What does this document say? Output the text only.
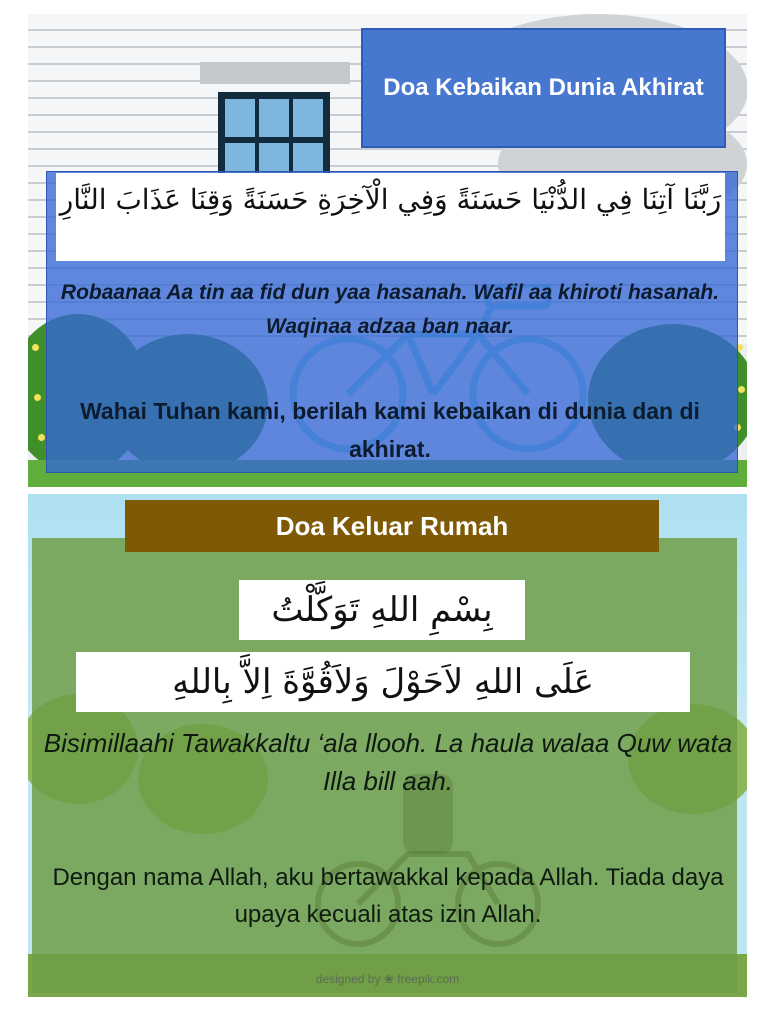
Doa Kebaikan Dunia Akhirat
رَبَّنَا آتِنَا فِي الدُّنْيَا حَسَنَةً وَفِي الْآخِرَةِ حَسَنَةً وَقِنَا عَذَابَ النَّارِ
Robaanaa Aa tin aa fid dun yaa hasanah. Wafil aa khiroti hasanah. Waqinaa adzaa ban naar.
Wahai Tuhan kami, berilah kami kebaikan di dunia dan di akhirat.
Doa Keluar Rumah
بِسْمِ اللهِ تَوَكَّلْتُ
عَلَى اللهِ لاَحَوْلَ وَلاَقُوَّةَ اِلاَّ بِاللهِ
Bisimillaahi Tawakkaltu ‘ala llooh. La haula walaa Quw wata Illa bill aah.
Dengan nama Allah, aku bertawakkal kepada Allah. Tiada daya upaya kecuali atas izin Allah.
designed by ❀ freepik.com
